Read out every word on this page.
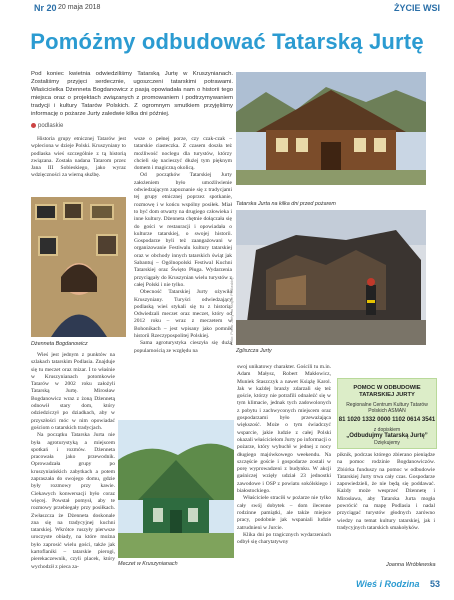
Nr 20 20 maja 2018	ŻYCIE WSI
Pomóżmy odbudować Tatarską Jurtę
Pod koniec kwietnia odwiedziliśmy Tatarską Jurtę w Kruszynianach. Zostaliśmy przyjęci serdecznie, ugoszczeni tatarskimi potrawami. Właścicielka Dżenneta Bogdanowicz z pasją opowiadała nam o historii tego miejsca oraz o projektach związanych z promowaniem i podtrzymywaniem tradycji i kultury Tatarów Polskich. Z ogromnym smutkiem przyjęliśmy informację o pożarze Jurty zaledwie kilka dni później.
podlaskie
Tatarska Jurta na kilka dni przed pożarem
Dżenneta Bogdanowicz
Zgliszcza Jurty
Foto: Pożar Jurty na Mapie Podlaskiej
Meczet w Kruszynianach

Historia grupy etnicznej Tatarów jest wpleciona w dzieje Polski. Kruszyniany to podlaska wieś szczególnie z tą historią związana. Została nadana Tatarom przez Jana III Sobieskiego, jako wyraz wdzięczności za wierną służbę.

wsze o pełnej porze, czy czak-czak – tatarskie ciasteczka. Z czasem doszła też możliwość noclegu dla turystów, którzy chcieli się nacieszyć dłużej tym pięknym domem i magiczną okolicą.

Od początków Tatarskiej Jurty założeniem było umożliwienie odwiedzającym zapoznanie się z tradycjami tej grupy etnicznej poprzez spotkanie, rozmowę i w końcu wspólny posiłek. Miał to być dom otwarty na drugiego człowieka i inne kultury. Dżenneta chętnie dołączała się do gości w restauracji i opowiadała o kulturze tatarskiej, o swojej historii. Gospodarze byli też zaangażowani w organizowanie Festiwalu kultury tatarskiej oraz w obchody innych tatarskich świąt jak Sabantuj – Ogólnopolski Festiwal Kuchni Tatarskiej oraz Święto Pługa. Wydarzenia przyciągały do Kruszynian wielu turystów z całej Polski i nie tylko.

Obecność Tatarskiej Jurty ożywiła Kruszyniany. Turyści odwiedzający podlaską wieś stykali się tu z historią. Odwiedzali meczet oraz meczet, który od 2012 roku – wraz z meczetem w Bohonikach – jest wpisany jako pomnik historii Rzeczypospolitej Polskiej.

Sama agroturystyka cieszyła się dużą popularnością ze względu na

Wieś jest jednym z punktów na szlakach tatarskim Podlasia. Znajduje się tu meczet oraz mizar. I to właśnie w Kruszynianach potomkowie Tatarów w 2002 roku założyli Tatarską Jurtę. Mirosław Bogdanowicz wraz z żoną Dżennetą odnowił stary dom, który odziedziczył po dziadkach, aby w przyszłości móc w nim opowiadać gościom o tatarskich tradycjach.

Na początku Tatarska Jurta nie była agroturystyką a miejscem spotkań i rozmów. Dżenneta pracowała jako przewodnik. Oprowadzała grupy po kruszyniańskich zabytkach a potem zapraszała do swojego domu, gdzie były rozmowy przy kawie. Ciekawych konwersacji było coraz więcej. Powstał pomysł, aby te rozmowy przebiegały przy posiłkach. Zwłaszcza że Dżenneta doskonale zna się na tradycyjnej kuchni tatarskiej. Wkrótce ruszyły pierwsze uroczyste obiady, na które można było zaprosić wielu gości, także jak kartoflaniki – tatarskie pierogi, pierekaczewnik, czyli placek, który wychodził z pieca za-

swoj unikatowy charakter. Gościli tu m.in. Adam Małysz, Robert Makłowicz, Muniek Staszczyk a nawet Książę Karol. Jak w każdej branży zdarzali się też goście, którzy nie potrafili odnaleźć się w tym klimacie, jednak tych zadowolonych z pobytu i zachwyconych miejscem oraz gospodarzami było przeważająca większość. Może o tym świadczyć wsparcie, jakie ludzie z całej Polski okazali właścicielom Jurty po informacji o pożarze, który wybuchł w jednej z nocy długiego majówkowego weekendu. Na szczęście goście i gospodarze zostali w porę wyprowadzeni z budynku. W akcji gaśniczej wzięły udział 23 jednostki zawodowe i OSP z powiatu sokólskiego i białostockiego.

Właściciele straciłi w pożarze nie tylko cały swój dobytek – dom ilecenne rodzinne pamiątki, ale także miejsce pracy, podobnie jak wspaniali ludzie zatrudnieni w Jurcie.

Klika dni po tragicznych wydarzeniach odbył się charytatywny

POMOC W ODBUDOWIE TATARSKIEJ JURTY
Regionalne Centrum Kultury Tatarów Polskich ASMAN
81 1020 1332 0000 1102 0614 3541
z dopiskiem
„Odbudujmy Tatarską Jurtę”
Dziękujemy

piknik, podczas którego zbierano pieniądze na pomoc rodzinie Bogdanowiczów. Zbiórka funduszy na pomoc w odbudowie Tatarskiej Jurty trwa cały czas. Gospodarze zapowiedzieli, że nie będą się poddawać. Każdy może wesprzeć Dżennetę i Mirosława, aby Tatarska Jurta mogła powrócić na mapę Podlasia i nadal przyciągać turystów głodnych zarówno wiedzy na temat kultury tatarskiej, jak i tradycyjnych tatarskich smakołyków.

Joanna Wróblewska
Wieś i Rodzina 53
